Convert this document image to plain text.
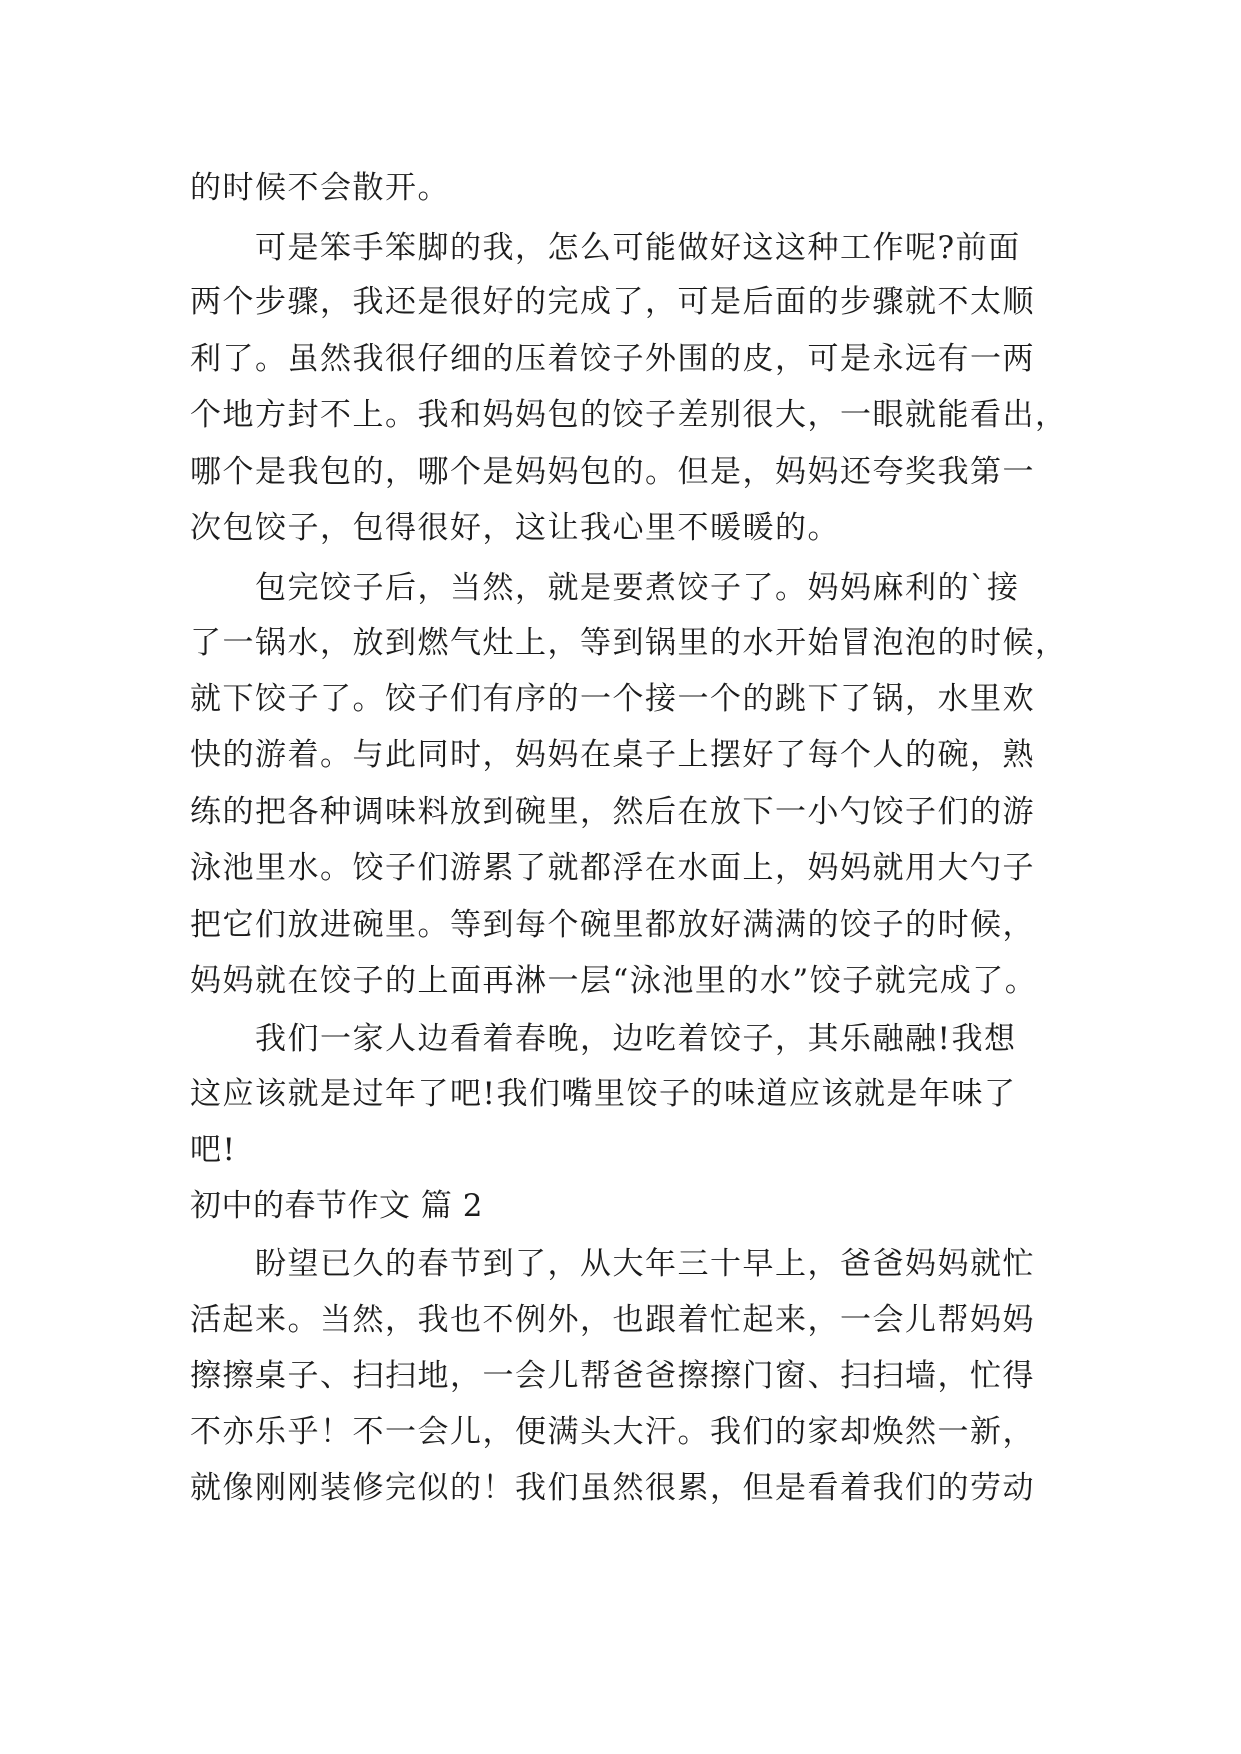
的时候不会散开。
可是笨手笨脚的我，怎么可能做好这这种工作呢?前面
两个步骤，我还是很好的完成了，可是后面的步骤就不太顺
利了。虽然我很仔细的压着饺子外围的皮，可是永远有一两
个地方封不上。我和妈妈包的饺子差别很大，一眼就能看出，
哪个是我包的，哪个是妈妈包的。但是，妈妈还夸奖我第一
次包饺子，包得很好，这让我心里不暖暖的。
包完饺子后，当然，就是要煮饺子了。妈妈麻利的`接
了一锅水，放到燃气灶上，等到锅里的水开始冒泡泡的时候，
就下饺子了。饺子们有序的一个接一个的跳下了锅，水里欢
快的游着。与此同时，妈妈在桌子上摆好了每个人的碗，熟
练的把各种调味料放到碗里，然后在放下一小勺饺子们的游
泳池里水。饺子们游累了就都浮在水面上，妈妈就用大勺子
把它们放进碗里。等到每个碗里都放好满满的饺子的时候，
妈妈就在饺子的上面再淋一层“泳池里的水”饺子就完成了。
我们一家人边看着春晚，边吃着饺子，其乐融融!我想
这应该就是过年了吧!我们嘴里饺子的味道应该就是年味了
吧!
初中的春节作文 篇 2
盼望已久的春节到了，从大年三十早上，爸爸妈妈就忙
活起来。当然，我也不例外，也跟着忙起来，一会儿帮妈妈
擦擦桌子、扫扫地，一会儿帮爸爸擦擦门窗、扫扫墙，忙得
不亦乐乎！不一会儿，便满头大汗。我们的家却焕然一新，
就像刚刚装修完似的！我们虽然很累，但是看着我们的劳动
